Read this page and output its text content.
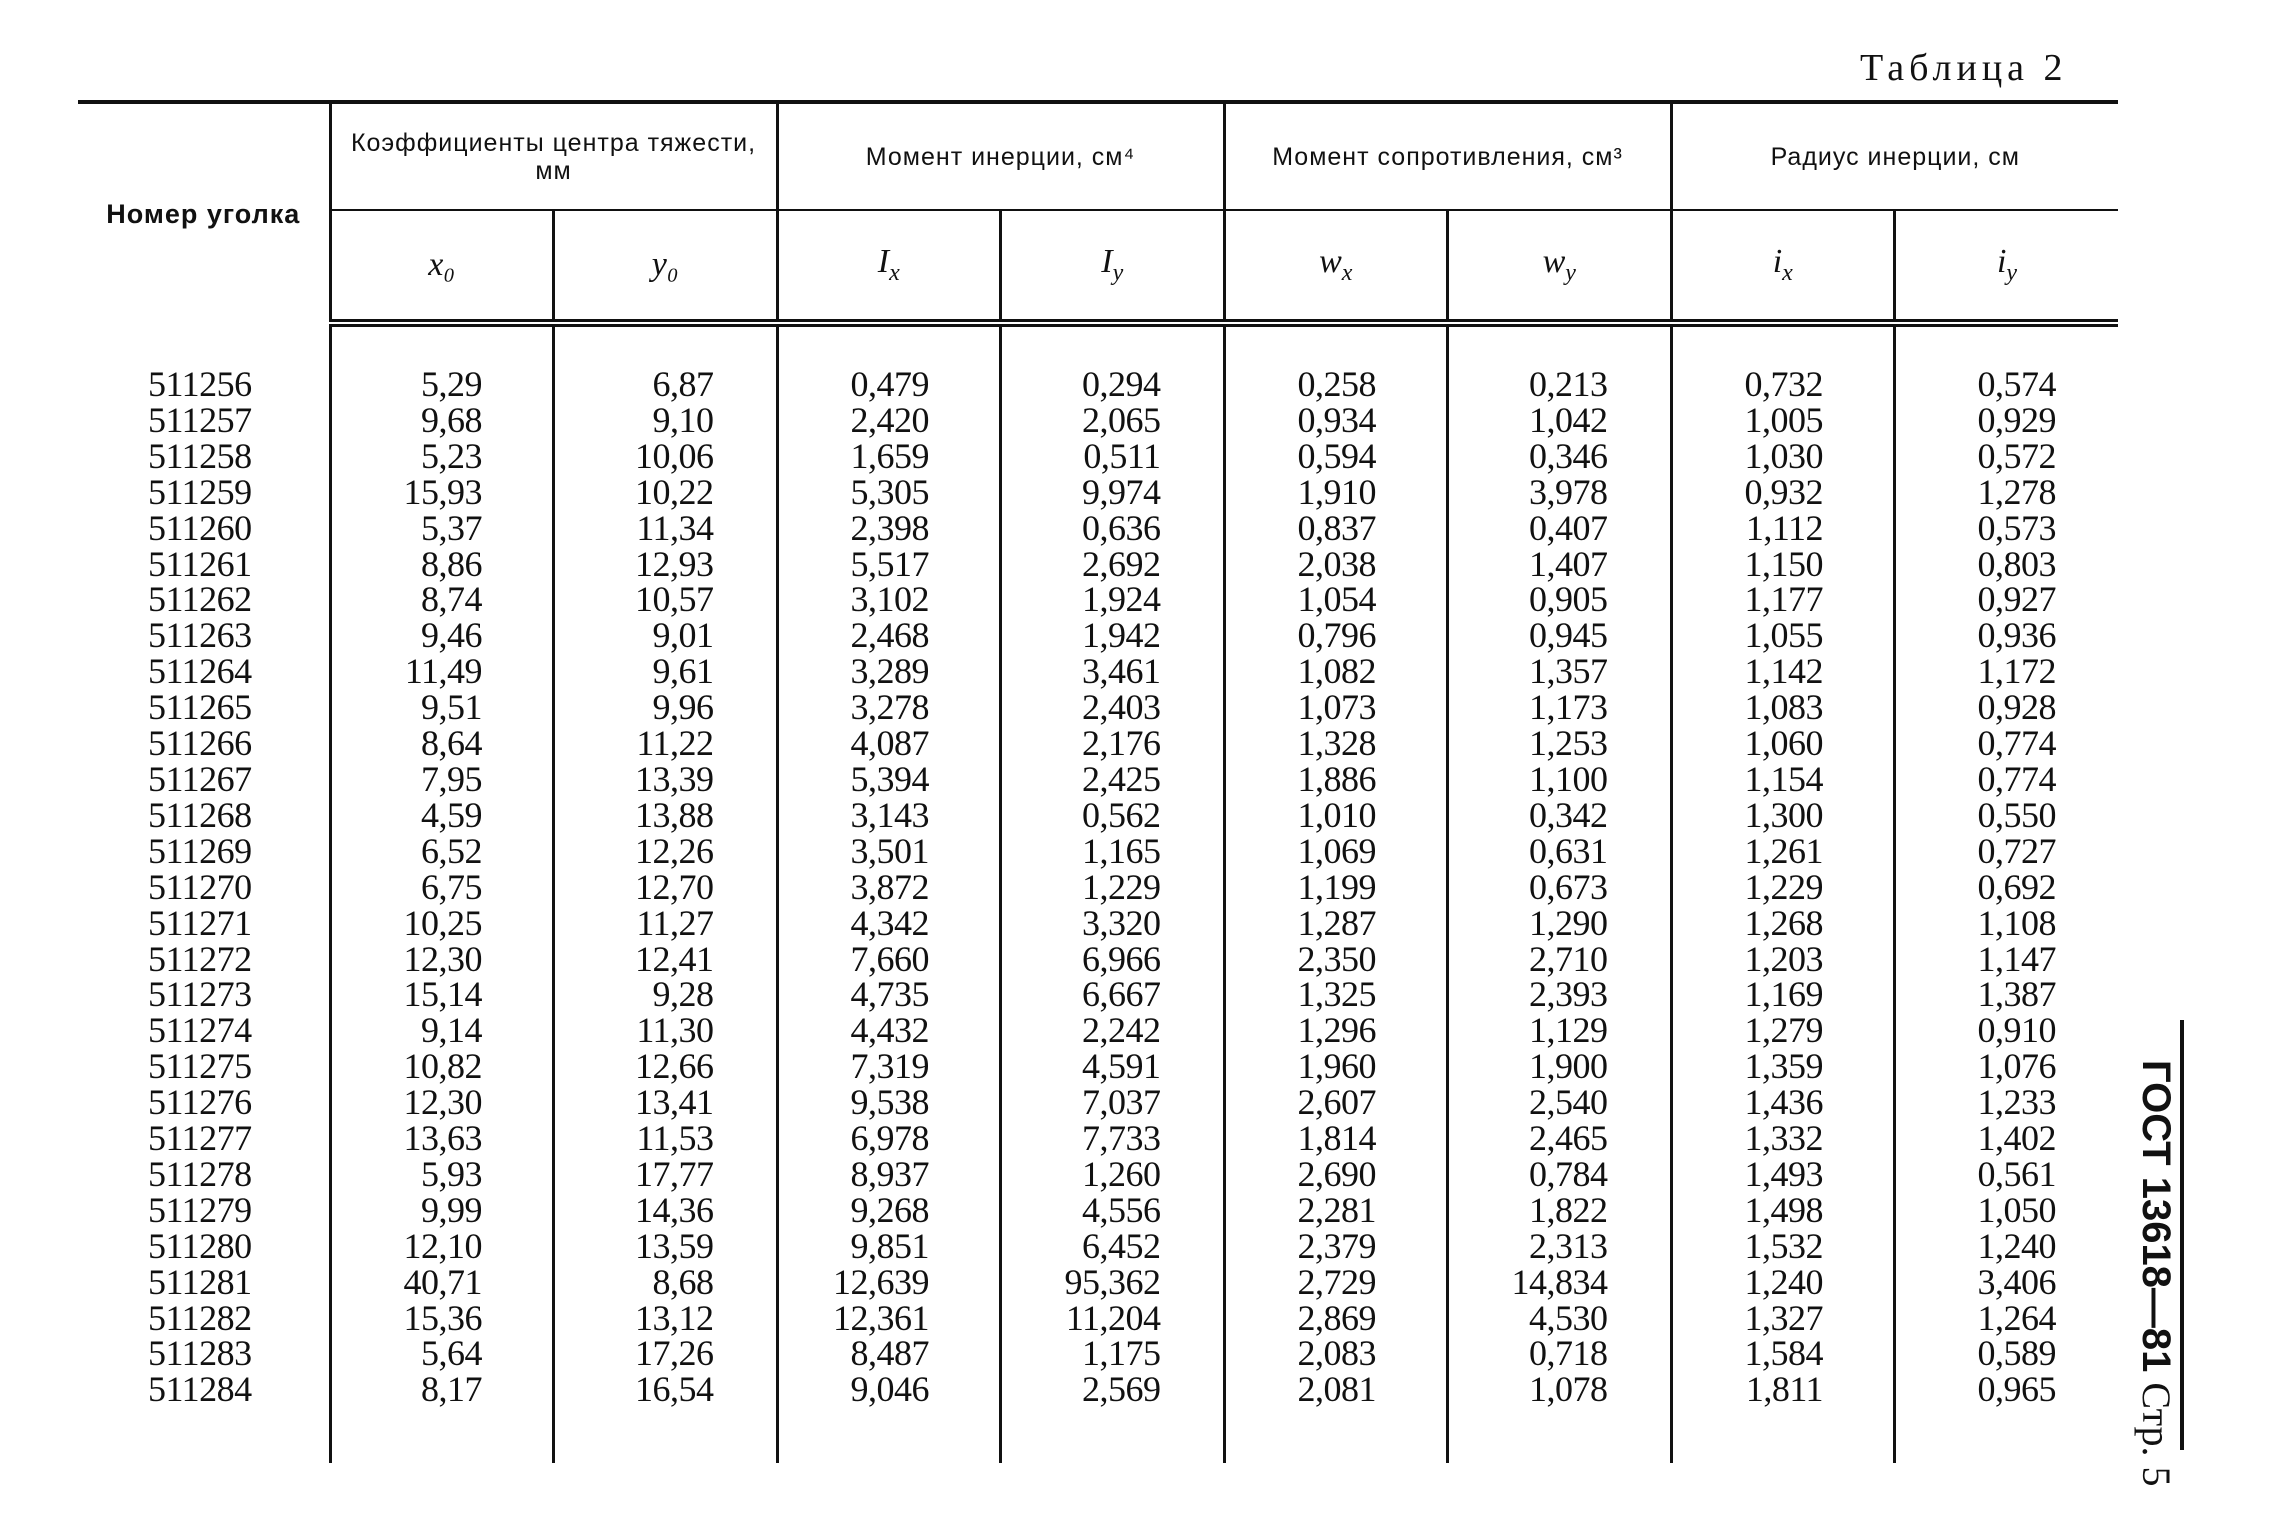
Таблица 2
ГОСТ 13618—81 Стр. 5
Номер уголка	Коэффициенты центра тяжести, мм		Момент инерции, см⁴		Момент сопротивления, см³		Радиус инерции, см	
	x₀	y₀	$I_x$	$I_y$	$w_x$	$w_y$	$i_x$	$i_y$

511256	5,29	6,87	0,479	0,294	0,258	0,213	0,732	0,574
511257	9,68	9,10	2,420	2,065	0,934	1,042	1,005	0,929
511258	5,23	10,06	1,659	0,511	0,594	0,346	1,030	0,572
511259	15,93	10,22	5,305	9,974	1,910	3,978	0,932	1,278
511260	5,37	11,34	2,398	0,636	0,837	0,407	1,112	0,573
511261	8,86	12,93	5,517	2,692	2,038	1,407	1,150	0,803
511262	8,74	10,57	3,102	1,924	1,054	0,905	1,177	0,927
511263	9,46	9,01	2,468	1,942	0,796	0,945	1,055	0,936
511264	11,49	9,61	3,289	3,461	1,082	1,357	1,142	1,172
511265	9,51	9,96	3,278	2,403	1,073	1,173	1,083	0,928
511266	8,64	11,22	4,087	2,176	1,328	1,253	1,060	0,774
511267	7,95	13,39	5,394	2,425	1,886	1,100	1,154	0,774
511268	4,59	13,88	3,143	0,562	1,010	0,342	1,300	0,550
511269	6,52	12,26	3,501	1,165	1,069	0,631	1,261	0,727
511270	6,75	12,70	3,872	1,229	1,199	0,673	1,229	0,692
511271	10,25	11,27	4,342	3,320	1,287	1,290	1,268	1,108
511272	12,30	12,41	7,660	6,966	2,350	2,710	1,203	1,147
511273	15,14	9,28	4,735	6,667	1,325	2,393	1,169	1,387
511274	9,14	11,30	4,432	2,242	1,296	1,129	1,279	0,910
511275	10,82	12,66	7,319	4,591	1,960	1,900	1,359	1,076
511276	12,30	13,41	9,538	7,037	2,607	2,540	1,436	1,233
511277	13,63	11,53	6,978	7,733	1,814	2,465	1,332	1,402
511278	5,93	17,77	8,937	1,260	2,690	0,784	1,493	0,561
511279	9,99	14,36	9,268	4,556	2,281	1,822	1,498	1,050
511280	12,10	13,59	9,851	6,452	2,379	2,313	1,532	1,240
511281	40,71	8,68	12,639	95,362	2,729	14,834	1,240	3,406
511282	15,36	13,12	12,361	11,204	2,869	4,530	1,327	1,264
511283	5,64	17,26	8,487	1,175	2,083	0,718	1,584	0,589
511284	8,17	16,54	9,046	2,569	2,081	1,078	1,811	0,965
